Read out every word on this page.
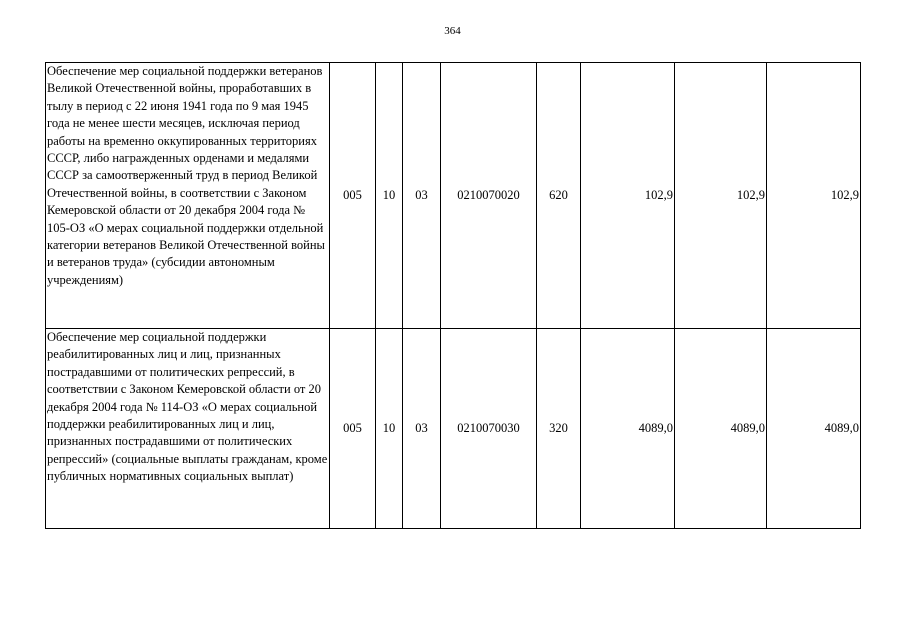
364
Обеспечение мер социальной поддержки ветеранов Великой Отечественной войны, проработавших в тылу в период с 22 июня 1941 года по 9 мая 1945 года не менее шести месяцев, исключая период работы на временно оккупированных территориях СССР, либо награжденных орденами и медалями СССР за самоотверженный труд в период Великой Отечественной войны, в соответствии с Законом Кемеровской области от 20 декабря 2004 года № 105-ОЗ «О мерах социальной поддержки отдельной категории ветеранов Великой Отечественной войны и ветеранов труда» (субсидии автономным учреждениям)	005	10	03	0210070020	620	102,9	102,9	102,9
Обеспечение мер социальной поддержки реабилитированных лиц и лиц, признанных пострадавшими от политических репрессий, в соответствии с Законом Кемеровской области от 20 декабря 2004 года № 114-ОЗ «О мерах социальной поддержки реабилитированных лиц и лиц, признанных пострадавшими от политических репрессий» (социальные выплаты гражданам, кроме публичных нормативных социальных выплат)	005	10	03	0210070030	320	4089,0	4089,0	4089,0
